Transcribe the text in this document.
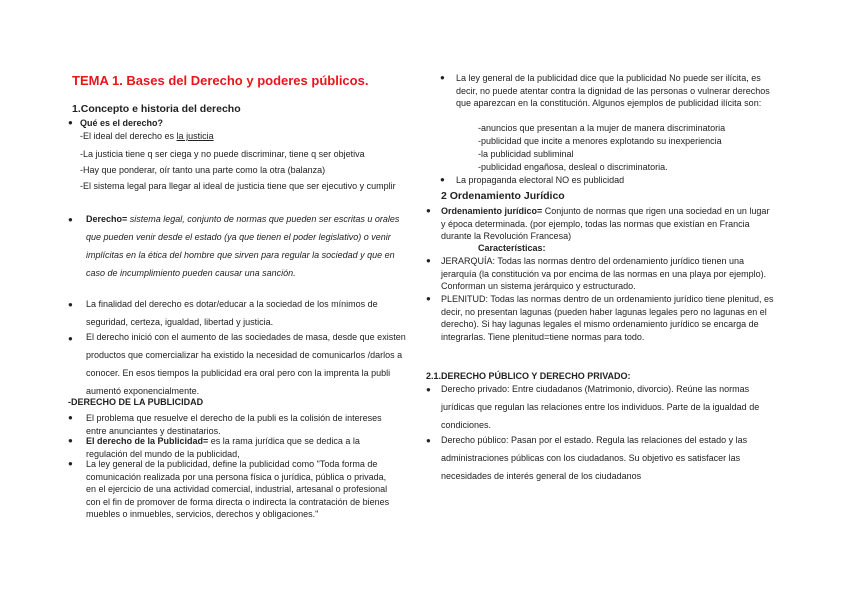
TEMA 1. Bases del Derecho y poderes públicos.
1.Concepto e historia del derecho
● Qué es el derecho?
-El ideal del derecho es la justicia
-La justicia tiene q ser ciega y no puede discriminar, tiene q ser objetiva
-Hay que ponderar, oír tanto una parte como la otra (balanza)
-El sistema legal para llegar al ideal de justicia tiene que ser ejecutivo y cumplir
● Derecho= sistema legal, conjunto de normas que pueden ser escritas u orales que pueden venir desde el estado (ya que tienen el poder legislativo) o venir implícitas en la ética del hombre que sirven para regular la sociedad y que en caso de incumplimiento pueden causar una sanción.
● La finalidad del derecho es dotar/educar a la sociedad de los mínimos de seguridad, certeza, igualdad, libertad y justicia.
● El derecho inició con el aumento de las sociedades de masa, desde que existen productos que comercializar ha existido la necesidad de comunicarlos /darlos a conocer. En esos tiempos la publicidad era oral pero con la imprenta la publi aumentó exponencialmente.
-DERECHO DE LA PUBLICIDAD
● El problema que resuelve el derecho de la publi es la colisión de intereses entre anunciantes y destinatarios.
● El derecho de la Publicidad= es la rama jurídica que se dedica a la regulación del mundo de la publicidad,
● La ley general de la publicidad, define la publicidad como "Toda forma de comunicación realizada por una persona física o jurídica, pública o privada, en el ejercicio de una actividad comercial, industrial, artesanal o profesional con el fin de promover de forma directa o indirecta la contratación de bienes muebles o inmuebles, servicios, derechos y obligaciones."
● La ley general de la publicidad dice que la publicidad No puede ser ilícita, es decir, no puede atentar contra la dignidad de las personas o vulnerar derechos que aparezcan en la constitución. Algunos ejemplos de publicidad ilícita son:
-anuncios que presentan a la mujer de manera discriminatoria
-publicidad que incite a menores explotando su inexperiencia
-la publicidad subliminal
-publicidad engañosa, desleal o discriminatoria.
● La propaganda electoral NO es publicidad
2 Ordenamiento Jurídico
● Ordenamiento jurídico= Conjunto de normas que rigen una sociedad en un lugar y época determinada. (por ejemplo, todas las normas que existían en Francia durante la Revolución Francesa)
Características:
● JERARQUÍA: Todas las normas dentro del ordenamiento jurídico tienen una jerarquía (la constitución va por encima de las normas en una playa por ejemplo). Conforman un sistema jerárquico y estructurado.
● PLENITUD: Todas las normas dentro de un ordenamiento jurídico tiene plenitud, es decir, no presentan lagunas (pueden haber lagunas legales pero no lagunas en el derecho). Si hay lagunas legales el mismo ordenamiento jurídico se encarga de integrarlas. Tiene plenitud=tiene normas para todo.
2.1.DERECHO PÚBLICO Y DERECHO PRIVADO:
● Derecho privado: Entre ciudadanos (Matrimonio, divorcio). Reúne las normas jurídicas que regulan las relaciones entre los individuos. Parte de la igualdad de condiciones.
● Derecho público: Pasan por el estado. Regula las relaciones del estado y las administraciones públicas con los ciudadanos. Su objetivo es satisfacer las necesidades de interés general de los ciudadanos
